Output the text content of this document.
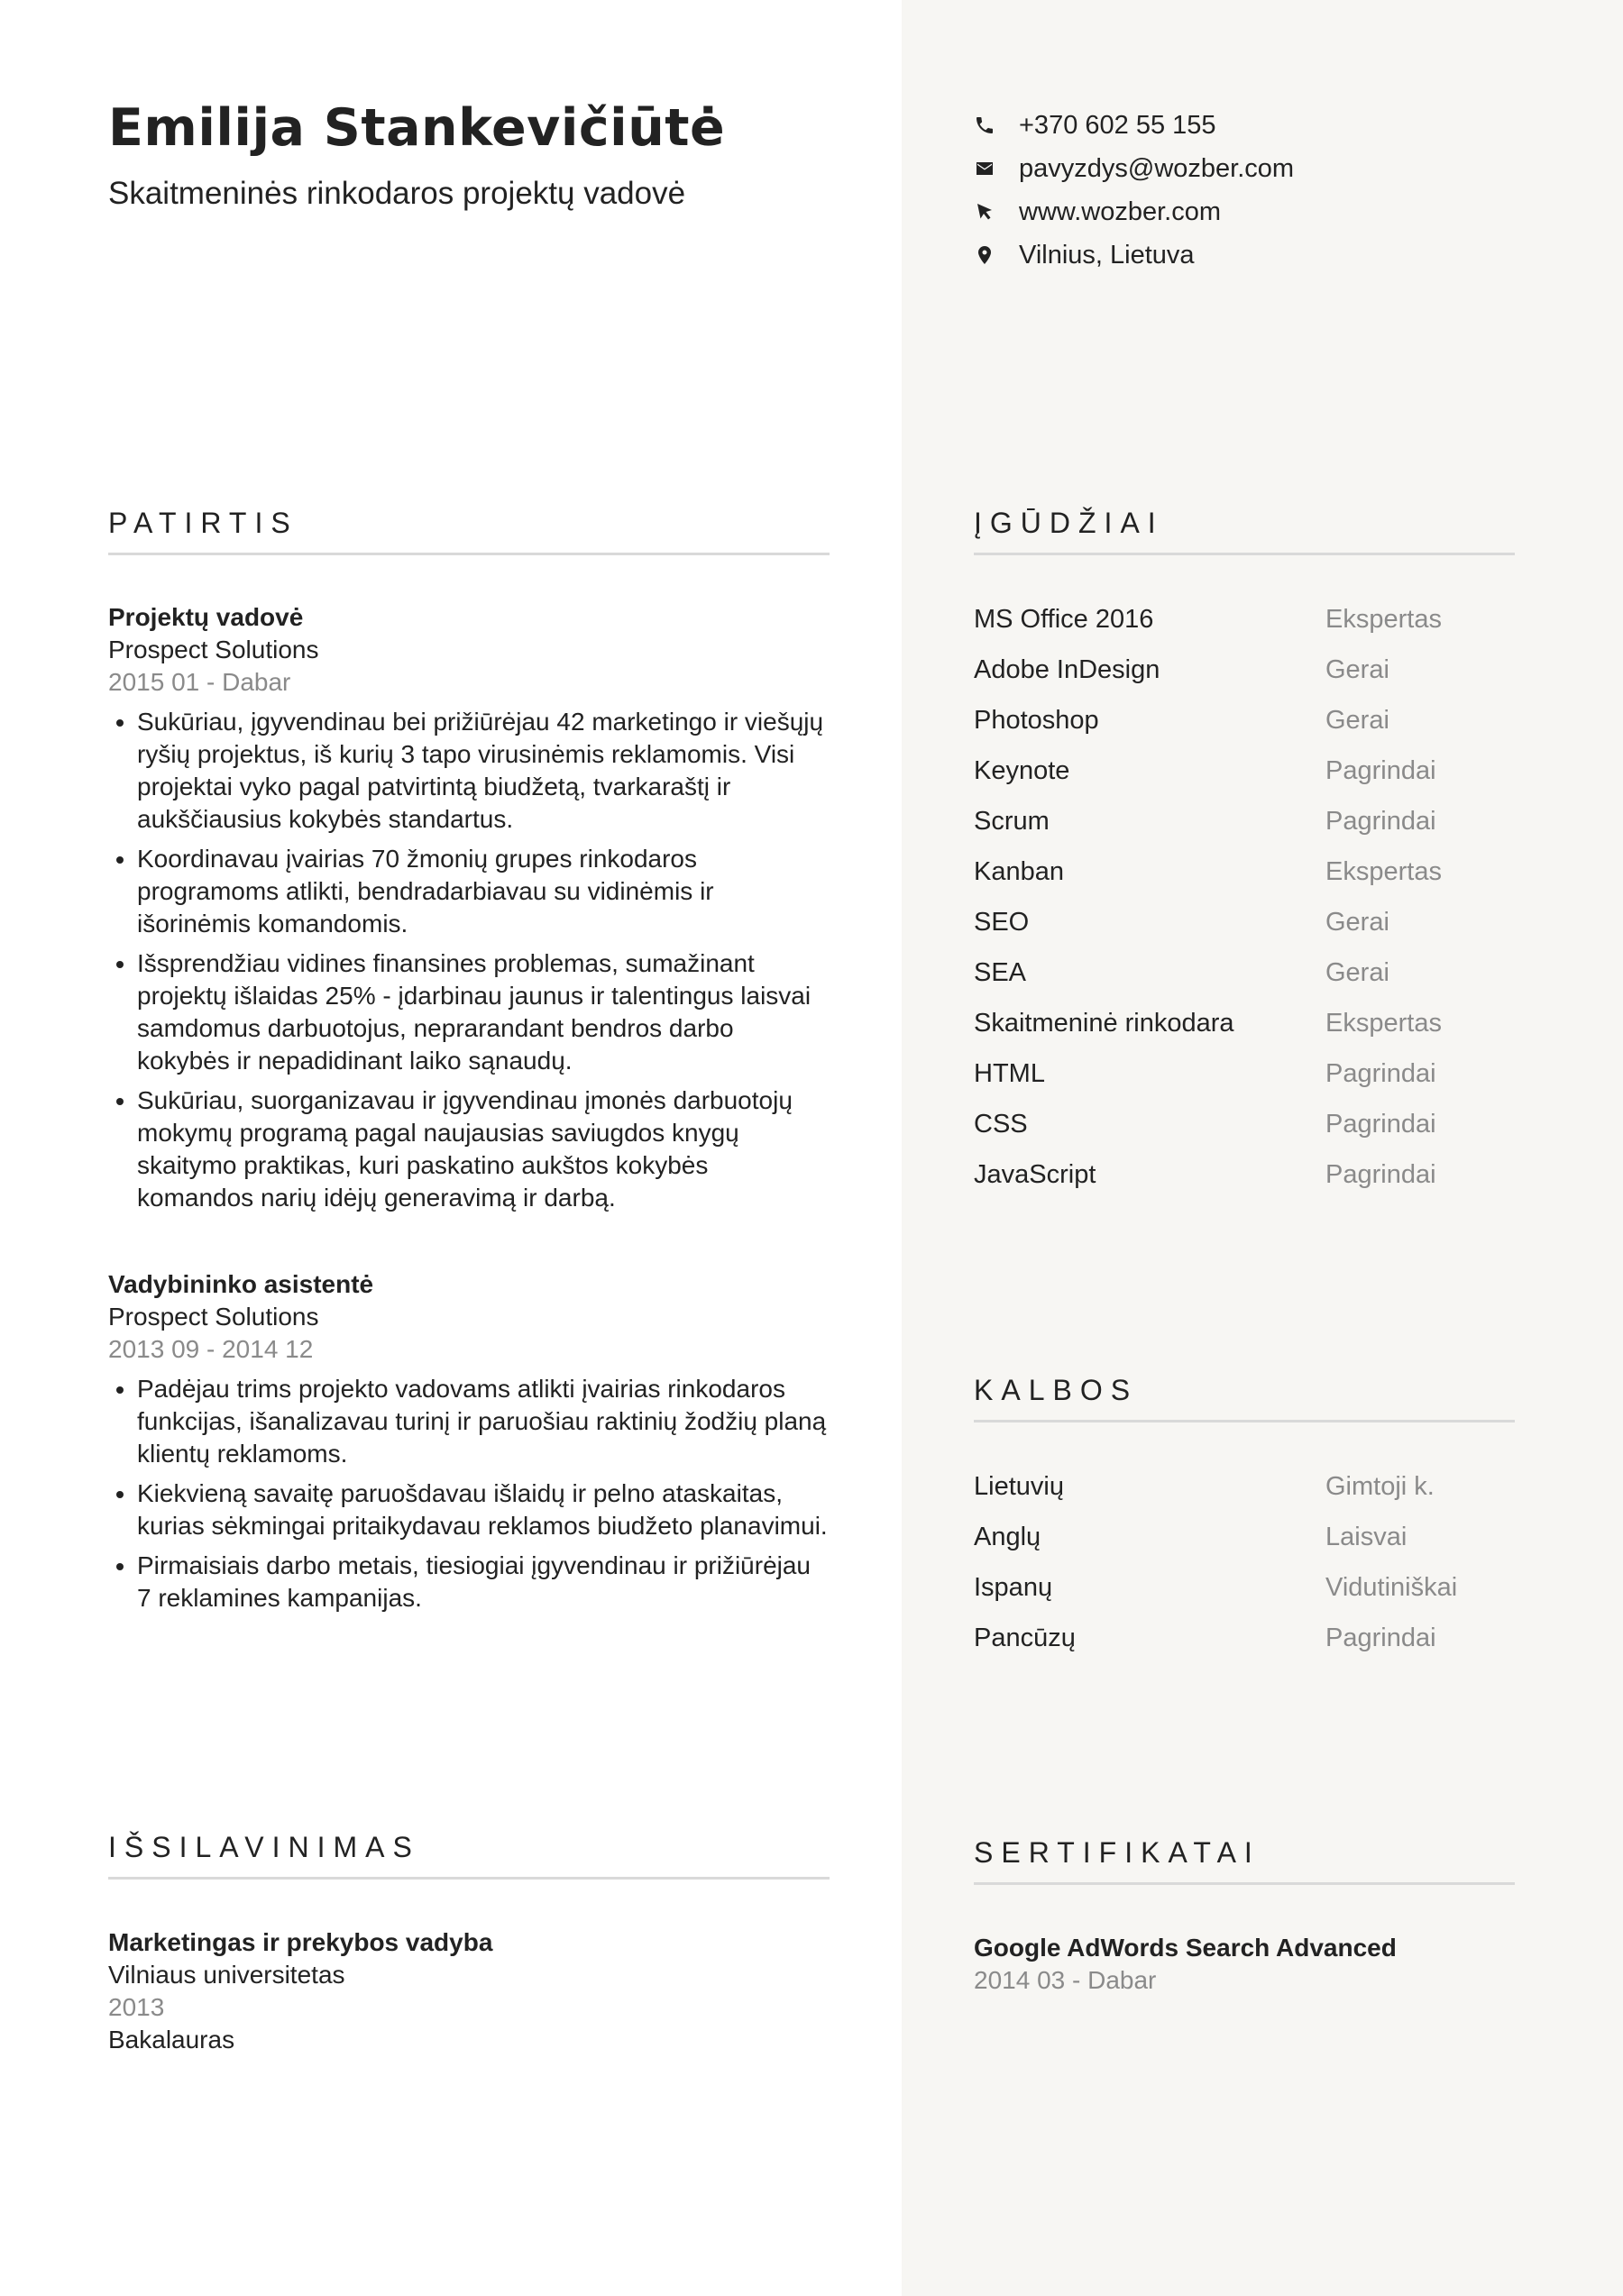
Emilija Stankevičiūtė
Skaitmeninės rinkodaros projektų vadovė
+370 602 55 155
pavyzdys@wozber.com
www.wozber.com
Vilnius, Lietuva
PATIRTIS
Projektų vadovė
Prospect Solutions
2015 01 - Dabar
• Sukūriau, įgyvendinau bei prižiūrėjau 42 marketingo ir viešųjų ryšių projektus, iš kurių 3 tapo virusinėmis reklamomis. Visi projektai vyko pagal patvirtintą biudžetą, tvarkaraštį ir aukščiausius kokybės standartus.
• Koordinavau įvairias 70 žmonių grupes rinkodaros programoms atlikti, bendradarbiavau su vidinėmis ir išorinėmis komandomis.
• Išsprendžiau vidines finansines problemas, sumažinant projektų išlaidas 25% - įdarbinau jaunus ir talentingus laisvai samdomus darbuotojus, neprarandant bendros darbo kokybės ir nepadidinant laiko sąnaudų.
• Sukūriau, suorganizavau ir įgyvendinau įmonės darbuotojų mokymų programą pagal naujausias saviugdos knygų skaitymo praktikas, kuri paskatino aukštos kokybės komandos narių idėjų generavimą ir darbą.
Vadybininko asistentė
Prospect Solutions
2013 09 - 2014 12
• Padėjau trims projekto vadovams atlikti įvairias rinkodaros funkcijas, išanalizavau turinį ir paruošiau raktinių žodžių planą klientų reklamoms.
• Kiekvieną savaitę paruošdavau išlaidų ir pelno ataskaitas, kurias sėkmingai pritaikydavau reklamos biudžeto planavimui.
• Pirmaisiais darbo metais, tiesiogiai įgyvendinau ir prižiūrėjau 7 reklamines kampanijas.
IŠSILAVINIMAS
Marketingas ir prekybos vadyba
Vilniaus universitetas
2013
Bakalauras
ĮGŪDŽIAI
MS Office 2016	Ekspertas
Adobe InDesign	Gerai
Photoshop	Gerai
Keynote	Pagrindai
Scrum	Pagrindai
Kanban	Ekspertas
SEO	Gerai
SEA	Gerai
Skaitmeninė rinkodara	Ekspertas
HTML	Pagrindai
CSS	Pagrindai
JavaScript	Pagrindai
KALBOS
Lietuvių	Gimtoji k.
Anglų	Laisvai
Ispanų	Vidutiniškai
Pancūzų	Pagrindai
SERTIFIKATAI
Google AdWords Search Advanced
2014 03 - Dabar
